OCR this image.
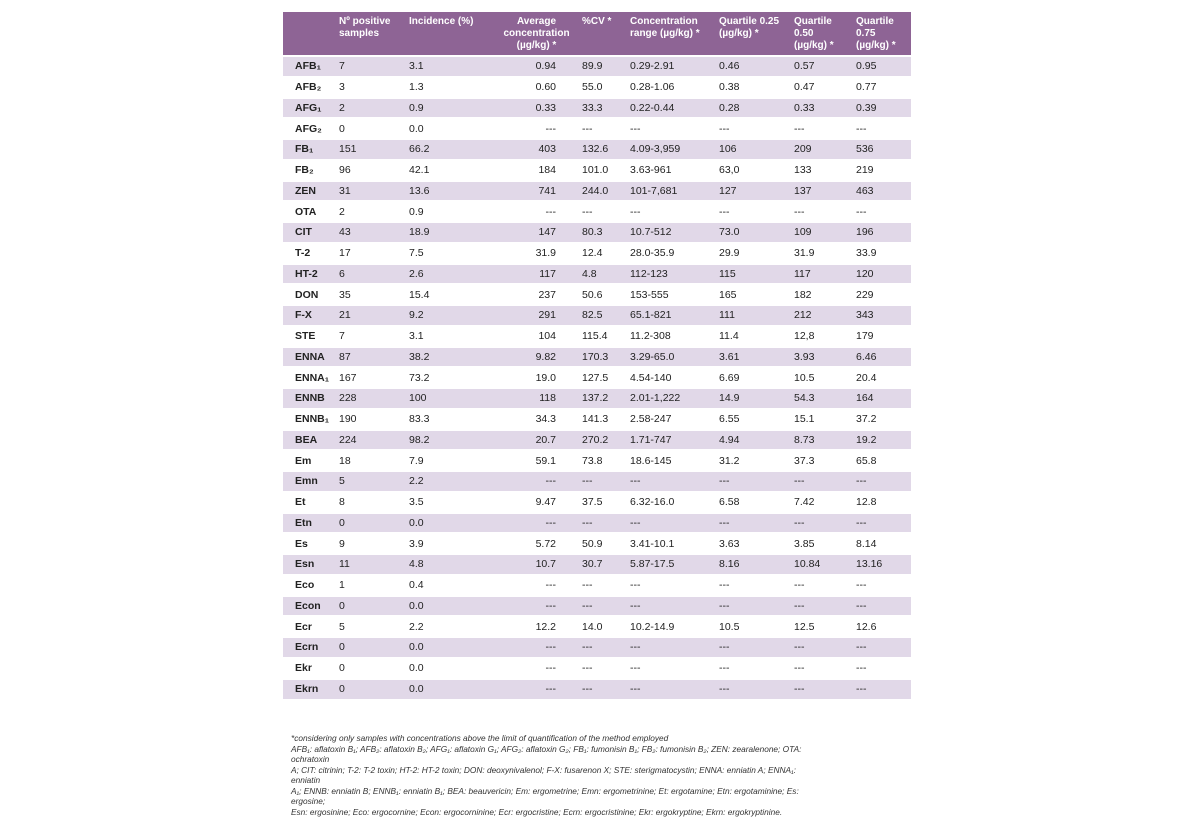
	Nº positive samples	Incidence (%)	Average concentration (µg/kg) *	%CV *	Concentration range (µg/kg) *	Quartile 0.25 (µg/kg) *	Quartile 0.50 (µg/kg) *	Quartile 0.75 (µg/kg) *
AFB₁	7	3.1	0.94	89.9	0.29-2.91	0.46	0.57	0.95
AFB₂	3	1.3	0.60	55.0	0.28-1.06	0.38	0.47	0.77
AFG₁	2	0.9	0.33	33.3	0.22-0.44	0.28	0.33	0.39
AFG₂	0	0.0	---	---	---	---	---	---
FB₁	151	66.2	403	132.6	4.09-3,959	106	209	536
FB₂	96	42.1	184	101.0	3.63-961	63,0	133	219
ZEN	31	13.6	741	244.0	101-7,681	127	137	463
OTA	2	0.9	---	---	---	---	---	---
CIT	43	18.9	147	80.3	10.7-512	73.0	109	196
T-2	17	7.5	31.9	12.4	28.0-35.9	29.9	31.9	33.9
HT-2	6	2.6	117	4.8	112-123	115	117	120
DON	35	15.4	237	50.6	153-555	165	182	229
F-X	21	9.2	291	82.5	65.1-821	111	212	343
STE	7	3.1	104	115.4	11.2-308	11.4	12,8	179
ENNA	87	38.2	9.82	170.3	3.29-65.0	3.61	3.93	6.46
ENNA₁	167	73.2	19.0	127.5	4.54-140	6.69	10.5	20.4
ENNB	228	100	118	137.2	2.01-1,222	14.9	54.3	164
ENNB₁	190	83.3	34.3	141.3	2.58-247	6.55	15.1	37.2
BEA	224	98.2	20.7	270.2	1.71-747	4.94	8.73	19.2
Em	18	7.9	59.1	73.8	18.6-145	31.2	37.3	65.8
Emn	5	2.2	---	---	---	---	---	---
Et	8	3.5	9.47	37.5	6.32-16.0	6.58	7.42	12.8
Etn	0	0.0	---	---	---	---	---	---
Es	9	3.9	5.72	50.9	3.41-10.1	3.63	3.85	8.14
Esn	11	4.8	10.7	30.7	5.87-17.5	8.16	10.84	13.16
Eco	1	0.4	---	---	---	---	---	---
Econ	0	0.0	---	---	---	---	---	---
Ecr	5	2.2	12.2	14.0	10.2-14.9	10.5	12.5	12.6
Ecrn	0	0.0	---	---	---	---	---	---
Ekr	0	0.0	---	---	---	---	---	---
Ekrn	0	0.0	---	---	---	---	---	---

*considering only samples with concentrations above the limit of quantification of the method employed

AFB₁: aflatoxin B₁; AFB₂: aflatoxin B₂; AFG₁: aflatoxin G₁; AFG₂: aflatoxin G₂; FB₁: fumonisin B₁; FB₂: fumonisin B₂; ZEN: zearalenone; OTA: ochratoxin

A; CIT: citrinin; T-2: T-2 toxin; HT-2: HT-2 toxin; DON: deoxynivalenol; F-X: fusarenon X; STE: sterigmatocystin; ENNA: enniatin A; ENNA₁: enniatin

A₁; ENNB: enniatin B; ENNB₁: enniatin B₁; BEA: beauvericin; Em: ergometrine; Emn: ergometrinine; Et: ergotamine; Etn: ergotaminine; Es: ergosine;

Esn: ergosinine; Eco: ergocornine; Econ: ergocorninine; Ecr: ergocristine; Ecrn: ergocristinine; Ekr: ergokryptine; Ekrn: ergokryptinine.
